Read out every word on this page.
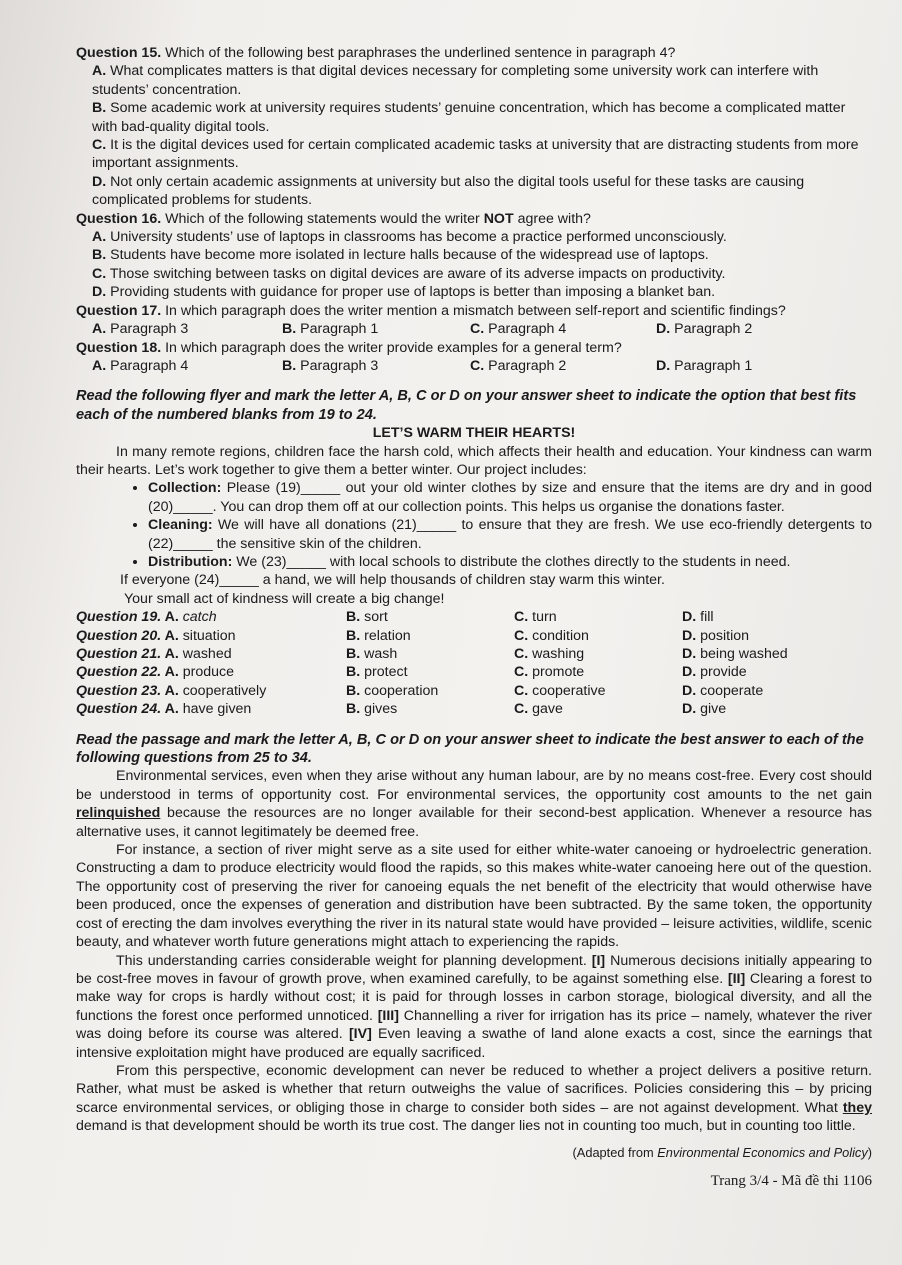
Question 15. Which of the following best paraphrases the underlined sentence in paragraph 4?
A. What complicates matters is that digital devices necessary for completing some university work can interfere with students’ concentration.
B. Some academic work at university requires students’ genuine concentration, which has become a complicated matter with bad-quality digital tools.
C. It is the digital devices used for certain complicated academic tasks at university that are distracting students from more important assignments.
D. Not only certain academic assignments at university but also the digital tools useful for these tasks are causing complicated problems for students.
Question 16. Which of the following statements would the writer NOT agree with?
A. University students’ use of laptops in classrooms has become a practice performed unconsciously.
B. Students have become more isolated in lecture halls because of the widespread use of laptops.
C. Those switching between tasks on digital devices are aware of its adverse impacts on productivity.
D. Providing students with guidance for proper use of laptops is better than imposing a blanket ban.
Question 17. In which paragraph does the writer mention a mismatch between self-report and scientific findings?
A. Paragraph 3	B. Paragraph 1	C. Paragraph 4	D. Paragraph 2
Question 18. In which paragraph does the writer provide examples for a general term?
A. Paragraph 4	B. Paragraph 3	C. Paragraph 2	D. Paragraph 1
Read the following flyer and mark the letter A, B, C or D on your answer sheet to indicate the option that best fits each of the numbered blanks from 19 to 24.
LET’S WARM THEIR HEARTS!

In many remote regions, children face the harsh cold, which affects their health and education. Your kindness can warm their hearts. Let’s work together to give them a better winter. Our project includes:

• Collection: Please (19)_____ out your old winter clothes by size and ensure that the items are dry and in good (20)_____. You can drop them off at our collection points. This helps us organise the donations faster.
• Cleaning: We will have all donations (21)_____ to ensure that they are fresh. We use eco-friendly detergents to (22)_____ the sensitive skin of the children.
• Distribution: We (23)_____ with local schools to distribute the clothes directly to the students in need.
If everyone (24)_____ a hand, we will help thousands of children stay warm this winter.
Your small act of kindness will create a big change!
Question 19. A. catch	B. sort	C. turn	D. fill
Question 20. A. situation	B. relation	C. condition	D. position
Question 21. A. washed	B. wash	C. washing	D. being washed
Question 22. A. produce	B. protect	C. promote	D. provide
Question 23. A. cooperatively	B. cooperation	C. cooperative	D. cooperate
Question 24. A. have given	B. gives	C. gave	D. give
Read the passage and mark the letter A, B, C or D on your answer sheet to indicate the best answer to each of the following questions from 25 to 34.

Environmental services, even when they arise without any human labour, are by no means cost-free. Every cost should be understood in terms of opportunity cost. For environmental services, the opportunity cost amounts to the net gain relinquished because the resources are no longer available for their second-best application. Whenever a resource has alternative uses, it cannot legitimately be deemed free.

For instance, a section of river might serve as a site used for either white-water canoeing or hydroelectric generation. Constructing a dam to produce electricity would flood the rapids, so this makes white-water canoeing here out of the question. The opportunity cost of preserving the river for canoeing equals the net benefit of the electricity that would otherwise have been produced, once the expenses of generation and distribution have been subtracted. By the same token, the opportunity cost of erecting the dam involves everything the river in its natural state would have provided – leisure activities, wildlife, scenic beauty, and whatever worth future generations might attach to experiencing the rapids.

This understanding carries considerable weight for planning development. [I] Numerous decisions initially appearing to be cost-free moves in favour of growth prove, when examined carefully, to be against something else. [II] Clearing a forest to make way for crops is hardly without cost; it is paid for through losses in carbon storage, biological diversity, and all the functions the forest once performed unnoticed. [III] Channelling a river for irrigation has its price – namely, whatever the river was doing before its course was altered. [IV] Even leaving a swathe of land alone exacts a cost, since the earnings that intensive exploitation might have produced are equally sacrificed.

From this perspective, economic development can never be reduced to whether a project delivers a positive return. Rather, what must be asked is whether that return outweighs the value of sacrifices. Policies considering this – by pricing scarce environmental services, or obliging those in charge to consider both sides – are not against development. What they demand is that development should be worth its true cost. The danger lies not in counting too much, but in counting too little.

(Adapted from Environmental Economics and Policy)
Trang 3/4 - Mã đề thi 1106
